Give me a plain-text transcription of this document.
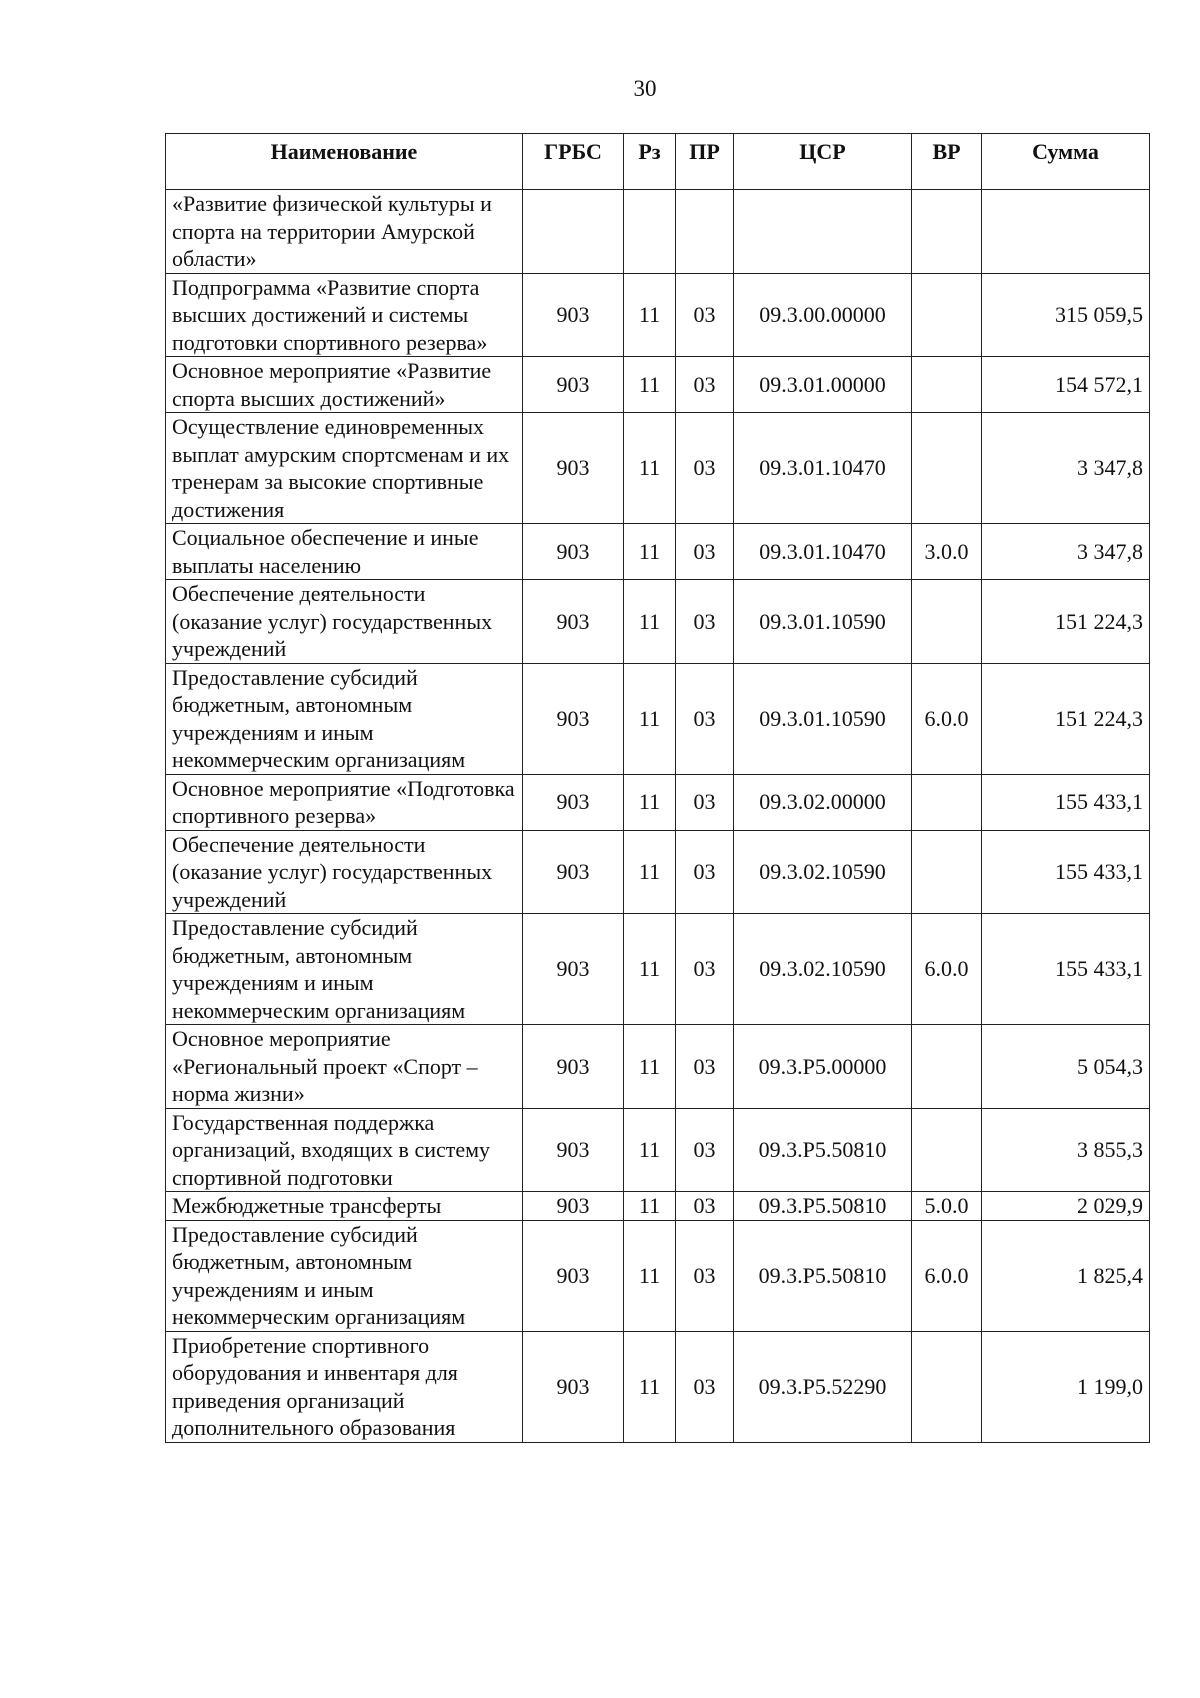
30
Наименование	ГРБС	Рз	ПР	ЦСР	ВР	Сумма
«Развитие физической культуры и спорта на территории Амурской области»						
Подпрограмма «Развитие спорта высших достижений и системы подготовки спортивного резерва»	903	11	03	09.3.00.00000		315 059,5
Основное мероприятие «Развитие спорта высших достижений»	903	11	03	09.3.01.00000		154 572,1
Осуществление единовременных выплат амурским спортсменам и их тренерам за высокие спортивные достижения	903	11	03	09.3.01.10470		3 347,8
Социальное обеспечение и иные выплаты населению	903	11	03	09.3.01.10470	3.0.0	3 347,8
Обеспечение деятельности (оказание услуг) государственных учреждений	903	11	03	09.3.01.10590		151 224,3
Предоставление субсидий бюджетным, автономным учреждениям и иным некоммерческим организациям	903	11	03	09.3.01.10590	6.0.0	151 224,3
Основное мероприятие «Подготовка спортивного резерва»	903	11	03	09.3.02.00000		155 433,1
Обеспечение деятельности (оказание услуг) государственных учреждений	903	11	03	09.3.02.10590		155 433,1
Предоставление субсидий бюджетным, автономным учреждениям и иным некоммерческим организациям	903	11	03	09.3.02.10590	6.0.0	155 433,1
Основное мероприятие «Региональный проект «Спорт – норма жизни»	903	11	03	09.3.P5.00000		5 054,3
Государственная поддержка организаций, входящих в систему спортивной подготовки	903	11	03	09.3.P5.50810		3 855,3
Межбюджетные трансферты	903	11	03	09.3.P5.50810	5.0.0	2 029,9
Предоставление субсидий бюджетным, автономным учреждениям и иным некоммерческим организациям	903	11	03	09.3.P5.50810	6.0.0	1 825,4
Приобретение спортивного оборудования и инвентаря для приведения организаций дополнительного образования	903	11	03	09.3.P5.52290		1 199,0
